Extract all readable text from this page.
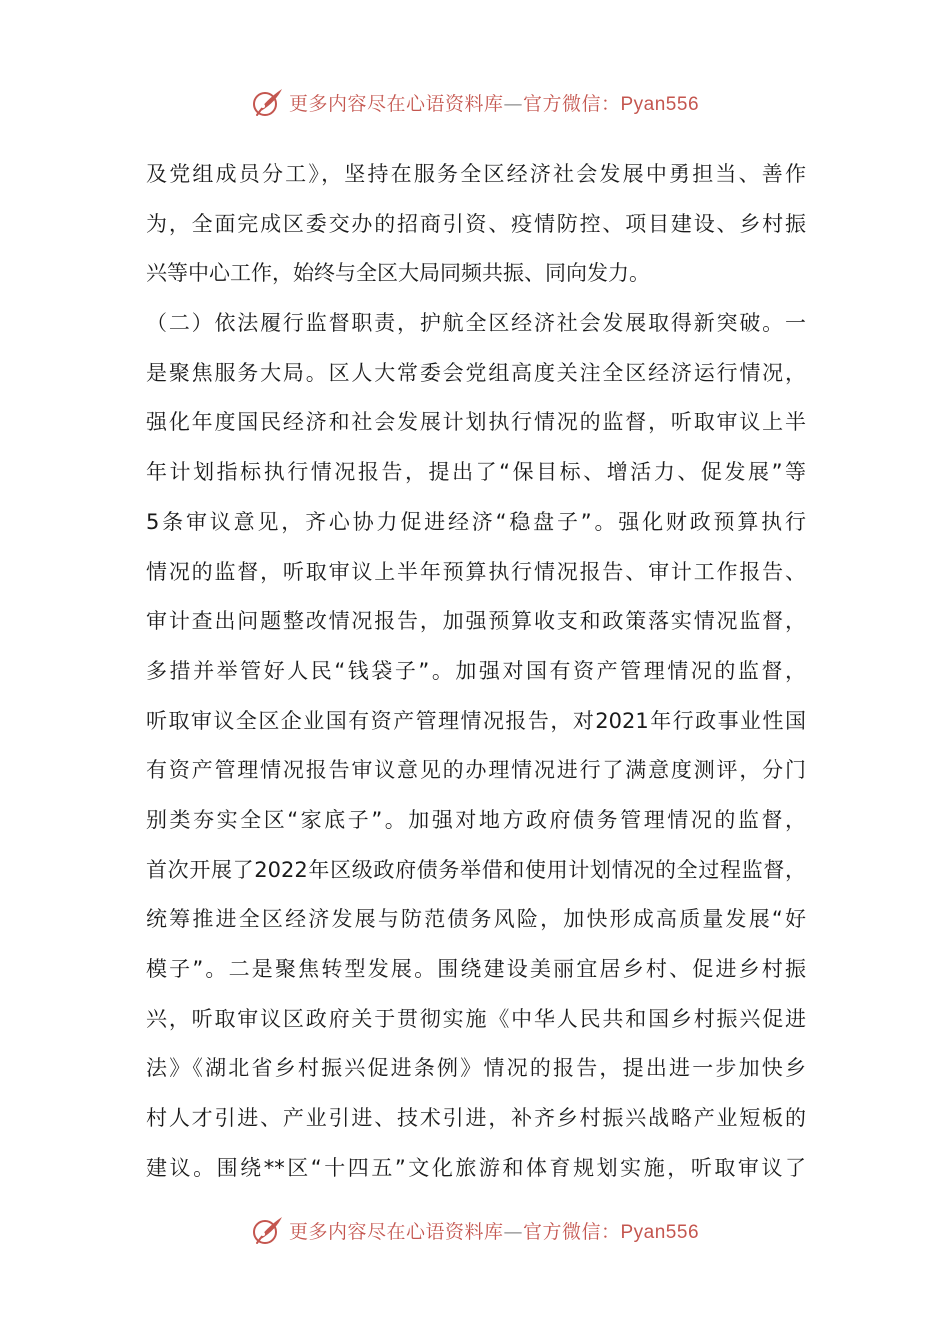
更多内容尽在心语资料库—官方微信：Pyan556
及党组成员分工》，坚持在服务全区经济社会发展中勇担当、善作
为，全面完成区委交办的招商引资、疫情防控、项目建设、乡村振
兴等中心工作，始终与全区大局同频共振、同向发力。
（二）依法履行监督职责，护航全区经济社会发展取得新突破。一
是聚焦服务大局。区人大常委会党组高度关注全区经济运行情况，
强化年度国民经济和社会发展计划执行情况的监督，听取审议上半
年计划指标执行情况报告，提出了“保目标、增活力、促发展”等
5条审议意见，齐心协力促进经济“稳盘子”。强化财政预算执行
情况的监督，听取审议上半年预算执行情况报告、审计工作报告、
审计查出问题整改情况报告，加强预算收支和政策落实情况监督，
多措并举管好人民“钱袋子”。加强对国有资产管理情况的监督，
听取审议全区企业国有资产管理情况报告，对2021年行政事业性国
有资产管理情况报告审议意见的办理情况进行了满意度测评，分门
别类夯实全区“家底子”。加强对地方政府债务管理情况的监督，
首次开展了2022年区级政府债务举借和使用计划情况的全过程监督，
统筹推进全区经济发展与防范债务风险，加快形成高质量发展“好
模子”。二是聚焦转型发展。围绕建设美丽宜居乡村、促进乡村振
兴，听取审议区政府关于贯彻实施《中华人民共和国乡村振兴促进
法》《湖北省乡村振兴促进条例》情况的报告，提出进一步加快乡
村人才引进、产业引进、技术引进，补齐乡村振兴战略产业短板的
建议。围绕**区“十四五”文化旅游和体育规划实施，听取审议了
更多内容尽在心语资料库—官方微信：Pyan556
